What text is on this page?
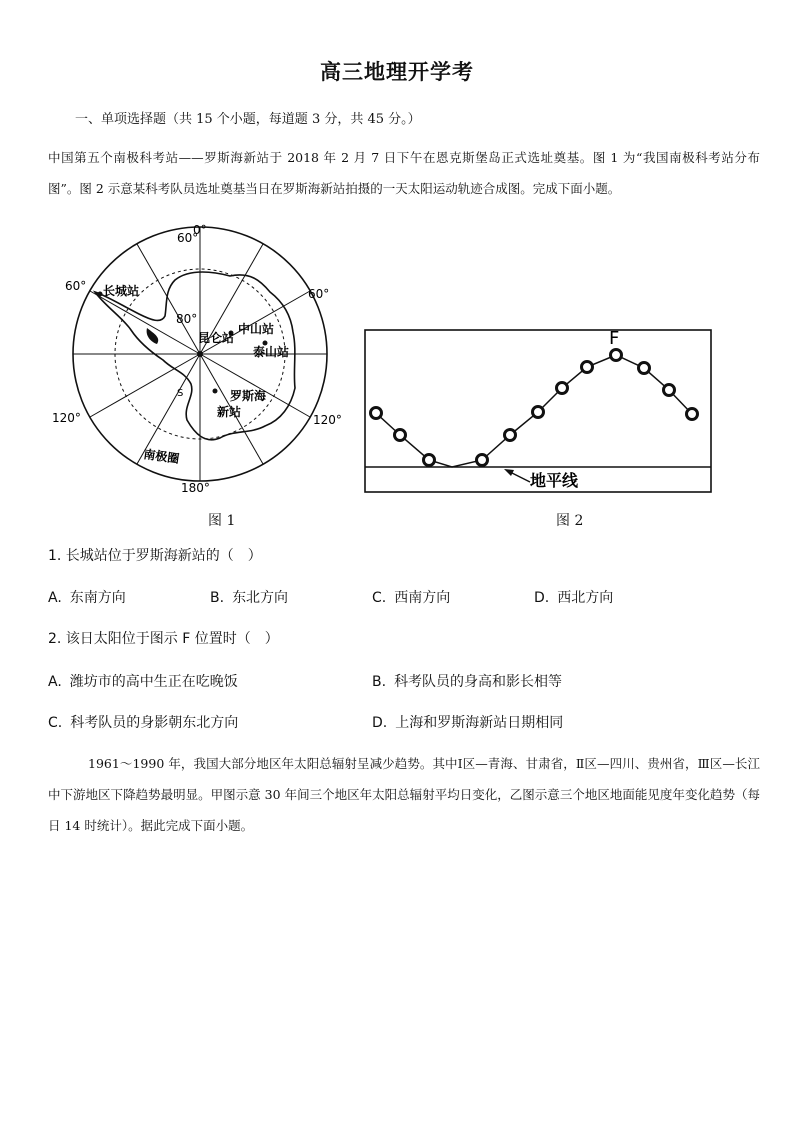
高三地理开学考
一、单项选择题（共 15 个小题，每道题 3 分，共 45 分。）
中国第五个南极科考站——罗斯海新站于 2018 年 2 月 7 日下午在恩克斯堡岛正式选址奠基。图 1 为“我国南极科考站分布图”。图 2 示意某科考队员选址奠基当日在罗斯海新站拍摄的一天太阳运动轨迹合成图。完成下面小题。
0°
60°
60°
60°
80°
120°	120°
180°
长城站
昆仑站
中山站
泰山站
S	罗斯海新站
南极圈
F
地平线
图 1	图 2
1. 长城站位于罗斯海新站的（　）
A. 东南方向	B. 东北方向	C. 西南方向	D. 西北方向
2. 该日太阳位于图示 F 位置时（　）
A. 潍坊市的高中生正在吃晚饭	B. 科考队员的身高和影长相等
C. 科考队员的身影朝东北方向	D. 上海和罗斯海新站日期相同
1961～1990 年，我国大部分地区年太阳总辐射呈减少趋势。其中Ⅰ区—青海、甘肃省，Ⅱ区—四川、贵州省，Ⅲ区—长江中下游地区下降趋势最明显。甲图示意 30 年间三个地区年太阳总辐射平均日变化，乙图示意三个地区地面能见度年变化趋势（每日 14 时统计）。据此完成下面小题。
